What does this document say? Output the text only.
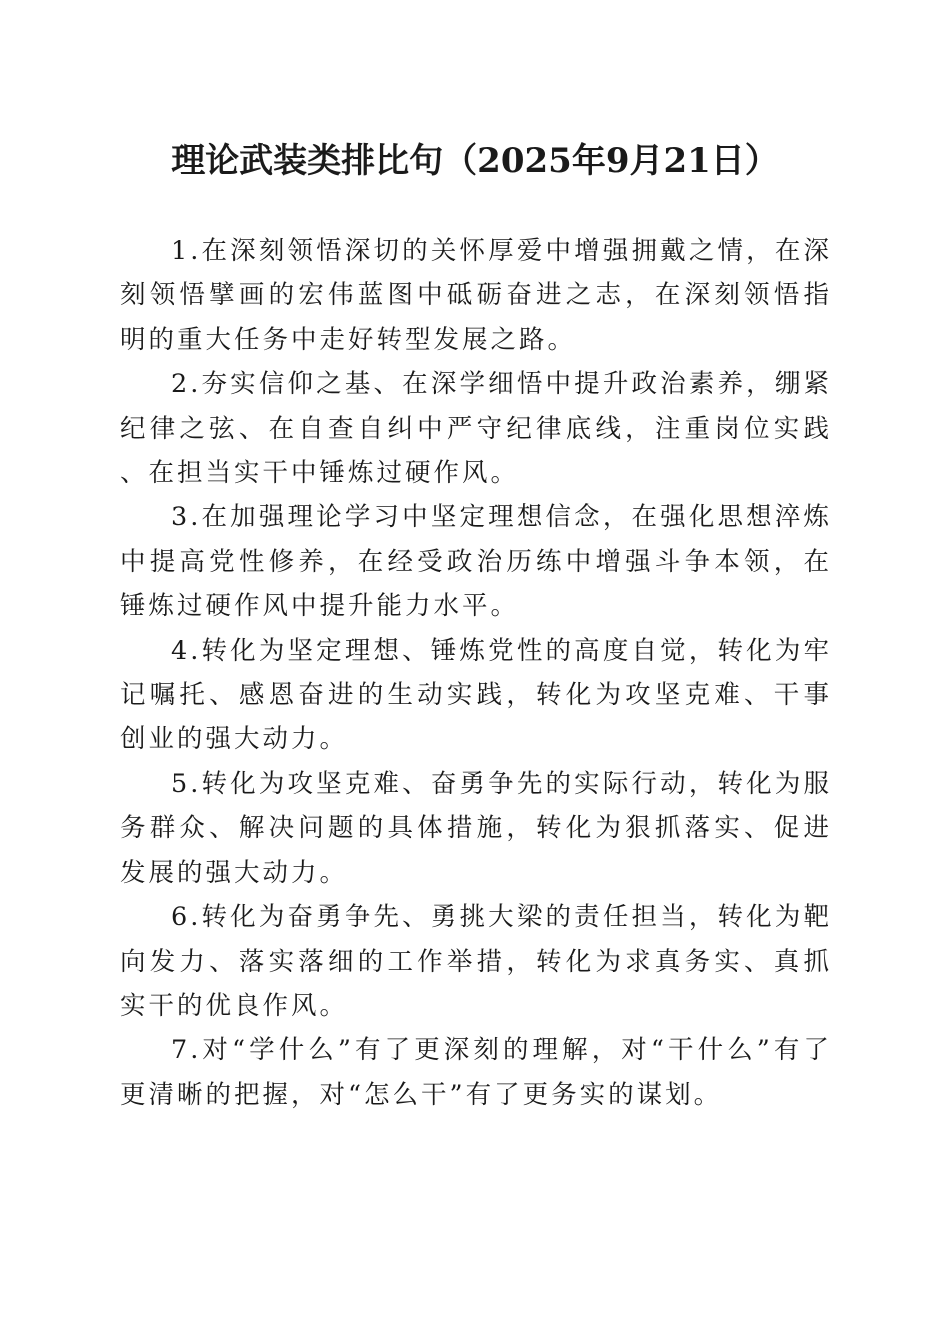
理论武装类排比句（2025年9月21日）

1.在深刻领悟深切的关怀厚爱中增强拥戴之情，在深刻领悟擘画的宏伟蓝图中砥砺奋进之志，在深刻领悟指明的重大任务中走好转型发展之路。

2.夯实信仰之基、在深学细悟中提升政治素养，绷紧纪律之弦、在自查自纠中严守纪律底线，注重岗位实践、在担当实干中锤炼过硬作风。

3.在加强理论学习中坚定理想信念，在强化思想淬炼中提高党性修养，在经受政治历练中增强斗争本领，在锤炼过硬作风中提升能力水平。

4.转化为坚定理想、锤炼党性的高度自觉，转化为牢记嘱托、感恩奋进的生动实践，转化为攻坚克难、干事创业的强大动力。

5.转化为攻坚克难、奋勇争先的实际行动，转化为服务群众、解决问题的具体措施，转化为狠抓落实、促进发展的强大动力。

6.转化为奋勇争先、勇挑大梁的责任担当，转化为靶向发力、落实落细的工作举措，转化为求真务实、真抓实干的优良作风。

7.对“学什么”有了更深刻的理解，对“干什么”有了更清晰的把握，对“怎么干”有了更务实的谋划。
